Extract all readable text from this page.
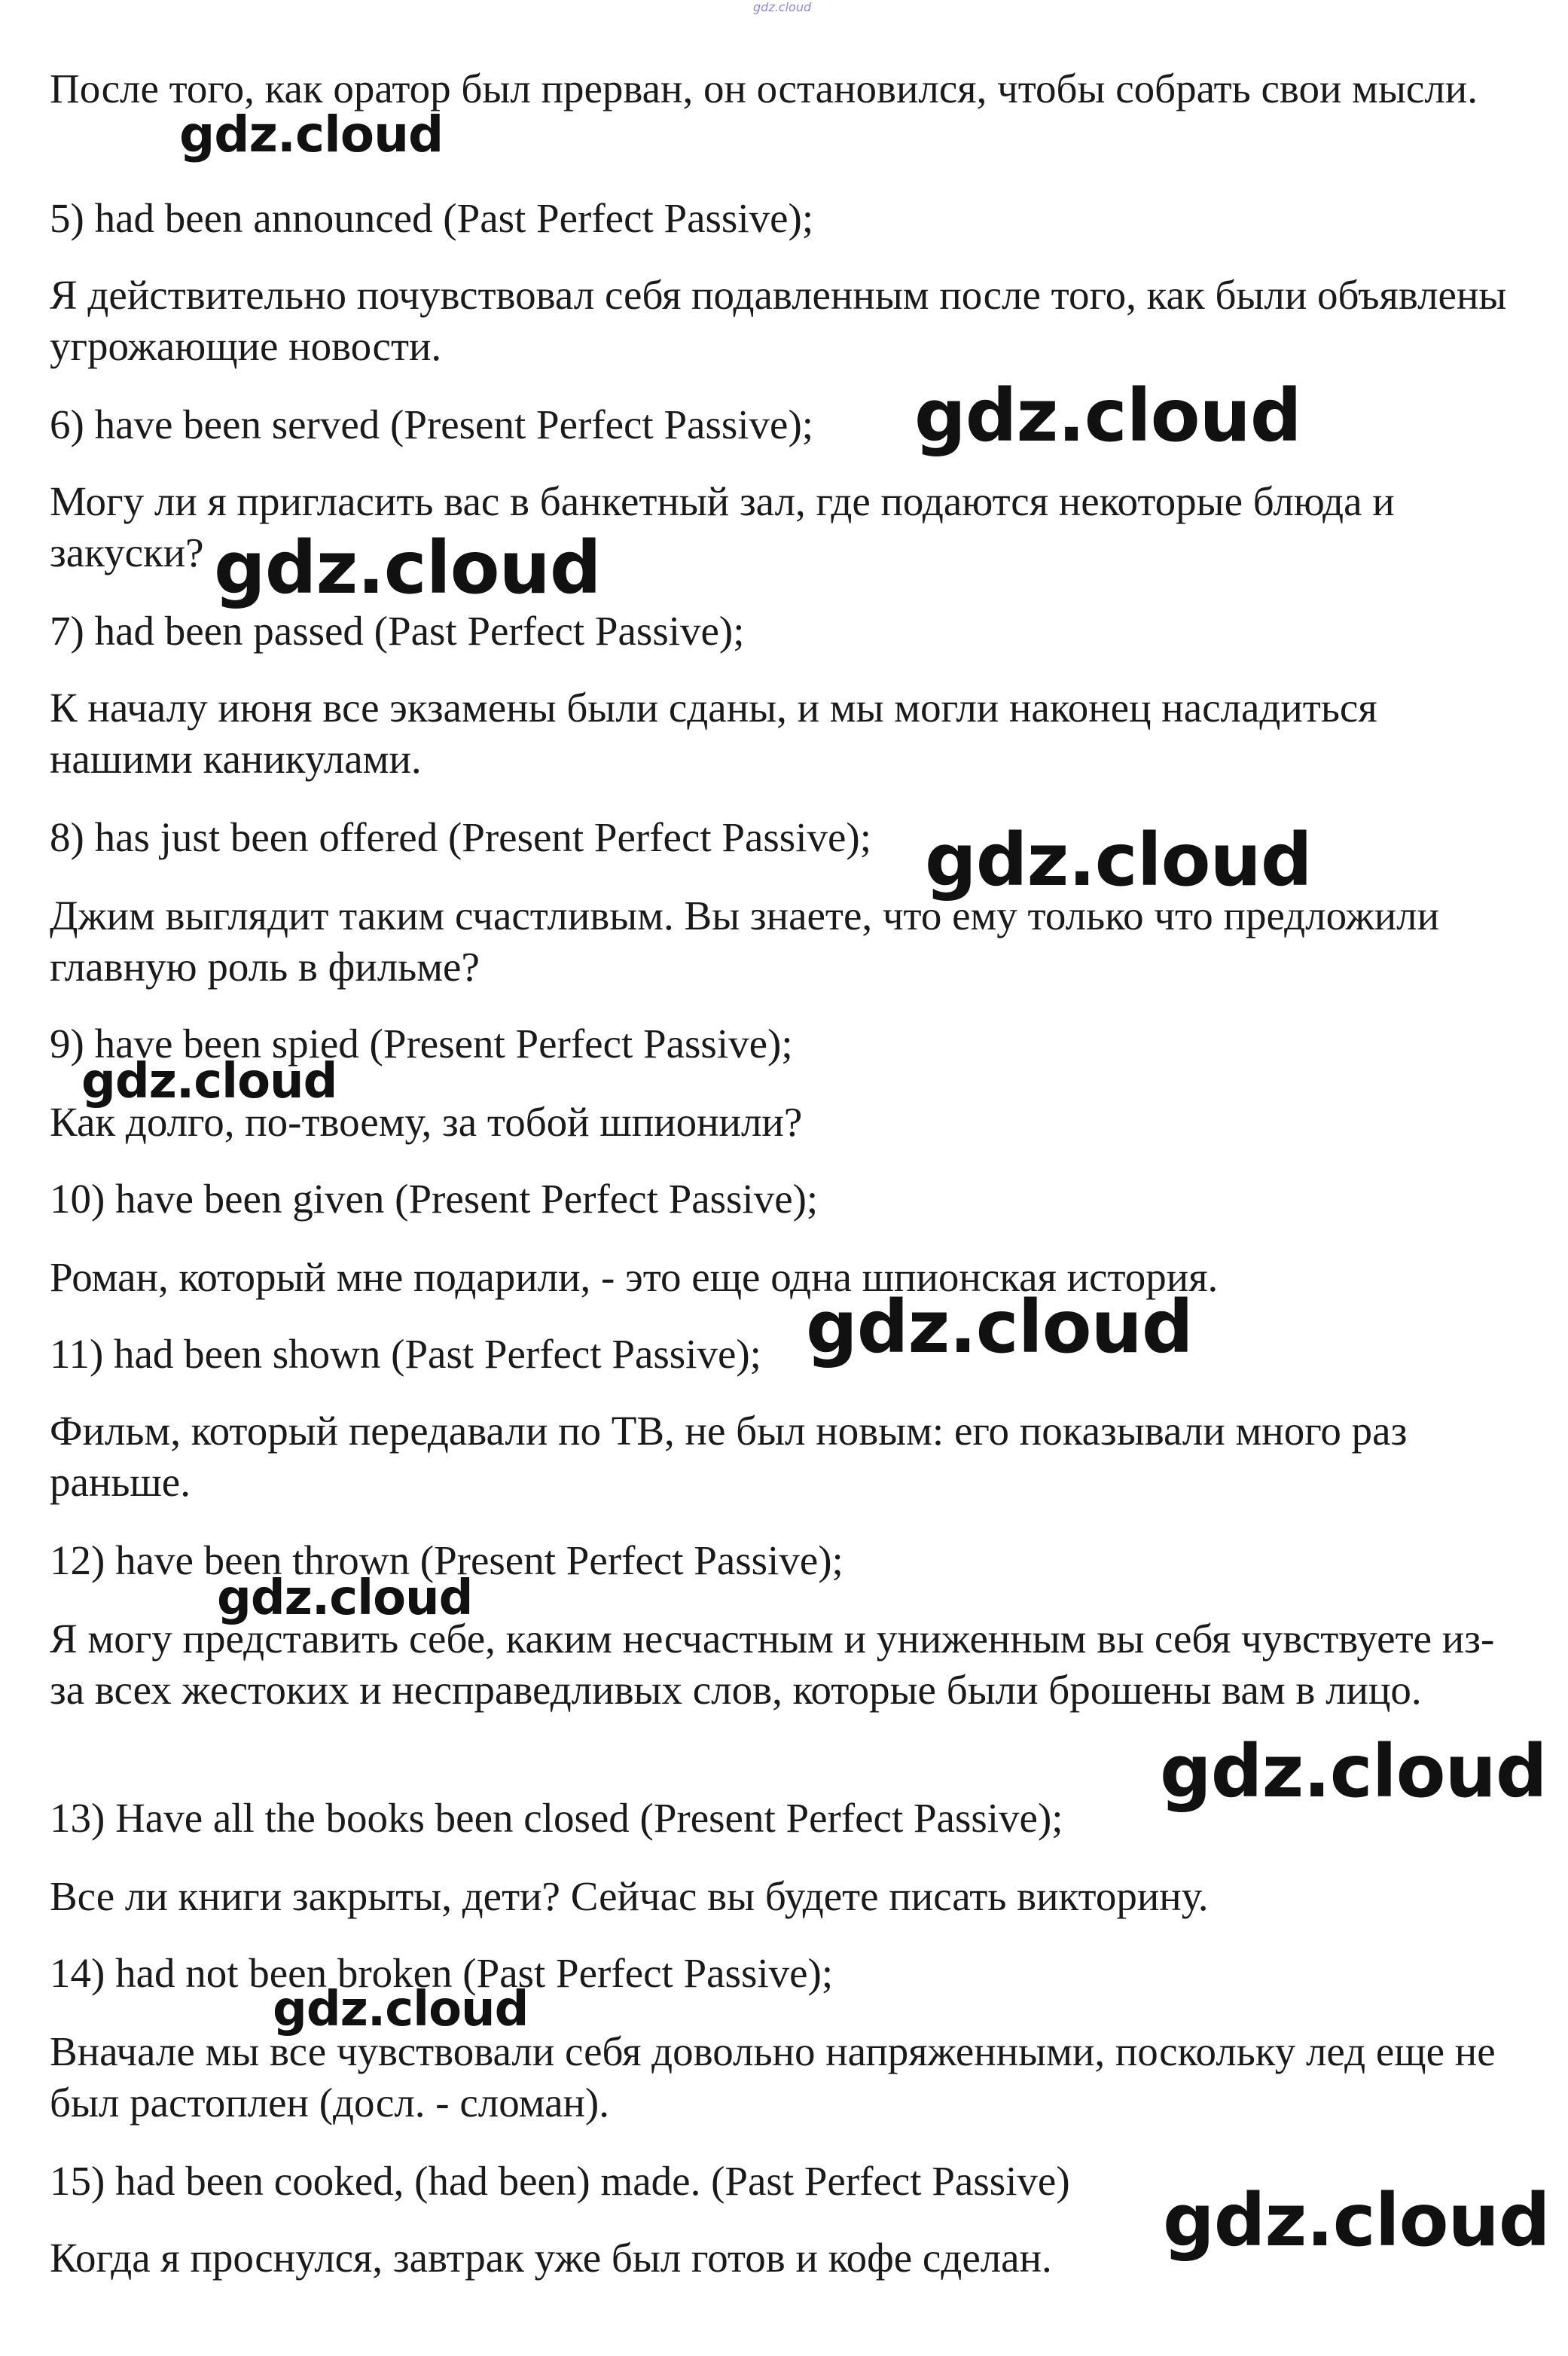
gdz.cloud

После того, как оратор был прерван, он остановился, чтобы собрать свои мысли.

5) had been announced (Past Perfect Passive);

Я действительно почувствовал себя подавленным после того, как были объявлены угрожающие новости.

6) have been served (Present Perfect Passive);

Могу ли я пригласить вас в банкетный зал, где подаются некоторые блюда и закуски?

7) had been passed (Past Perfect Passive);

К началу июня все экзамены были сданы, и мы могли наконец насладиться нашими каникулами.

8) has just been offered (Present Perfect Passive);

Джим выглядит таким счастливым. Вы знаете, что ему только что предложили главную роль в фильме?

9) have been spied (Present Perfect Passive);

Как долго, по-твоему, за тобой шпионили?

10) have been given (Present Perfect Passive);

Роман, который мне подарили, - это еще одна шпионская история.

11) had been shown (Past Perfect Passive);

Фильм, который передавали по ТВ, не был новым: его показывали много раз раньше.

12) have been thrown (Present Perfect Passive);

Я могу представить себе, каким несчастным и униженным вы себя чувствуете из-за всех жестоких и несправедливых слов, которые были брошены вам в лицо.

13) Have all the books been closed (Present Perfect Passive);

Все ли книги закрыты, дети? Сейчас вы будете писать викторину.

14) had not been broken (Past Perfect Passive);

Вначале мы все чувствовали себя довольно напряженными, поскольку лед еще не был растоплен (досл. - сломан).

15) had been cooked, (had been) made. (Past Perfect Passive)

Когда я проснулся, завтрак уже был готов и кофе сделан.

gdz.cloud
gdz.cloud
gdz.cloud
gdz.cloud
gdz.cloud
gdz.cloud
gdz.cloud
gdz.cloud
gdz.cloud
gdz.cloud
